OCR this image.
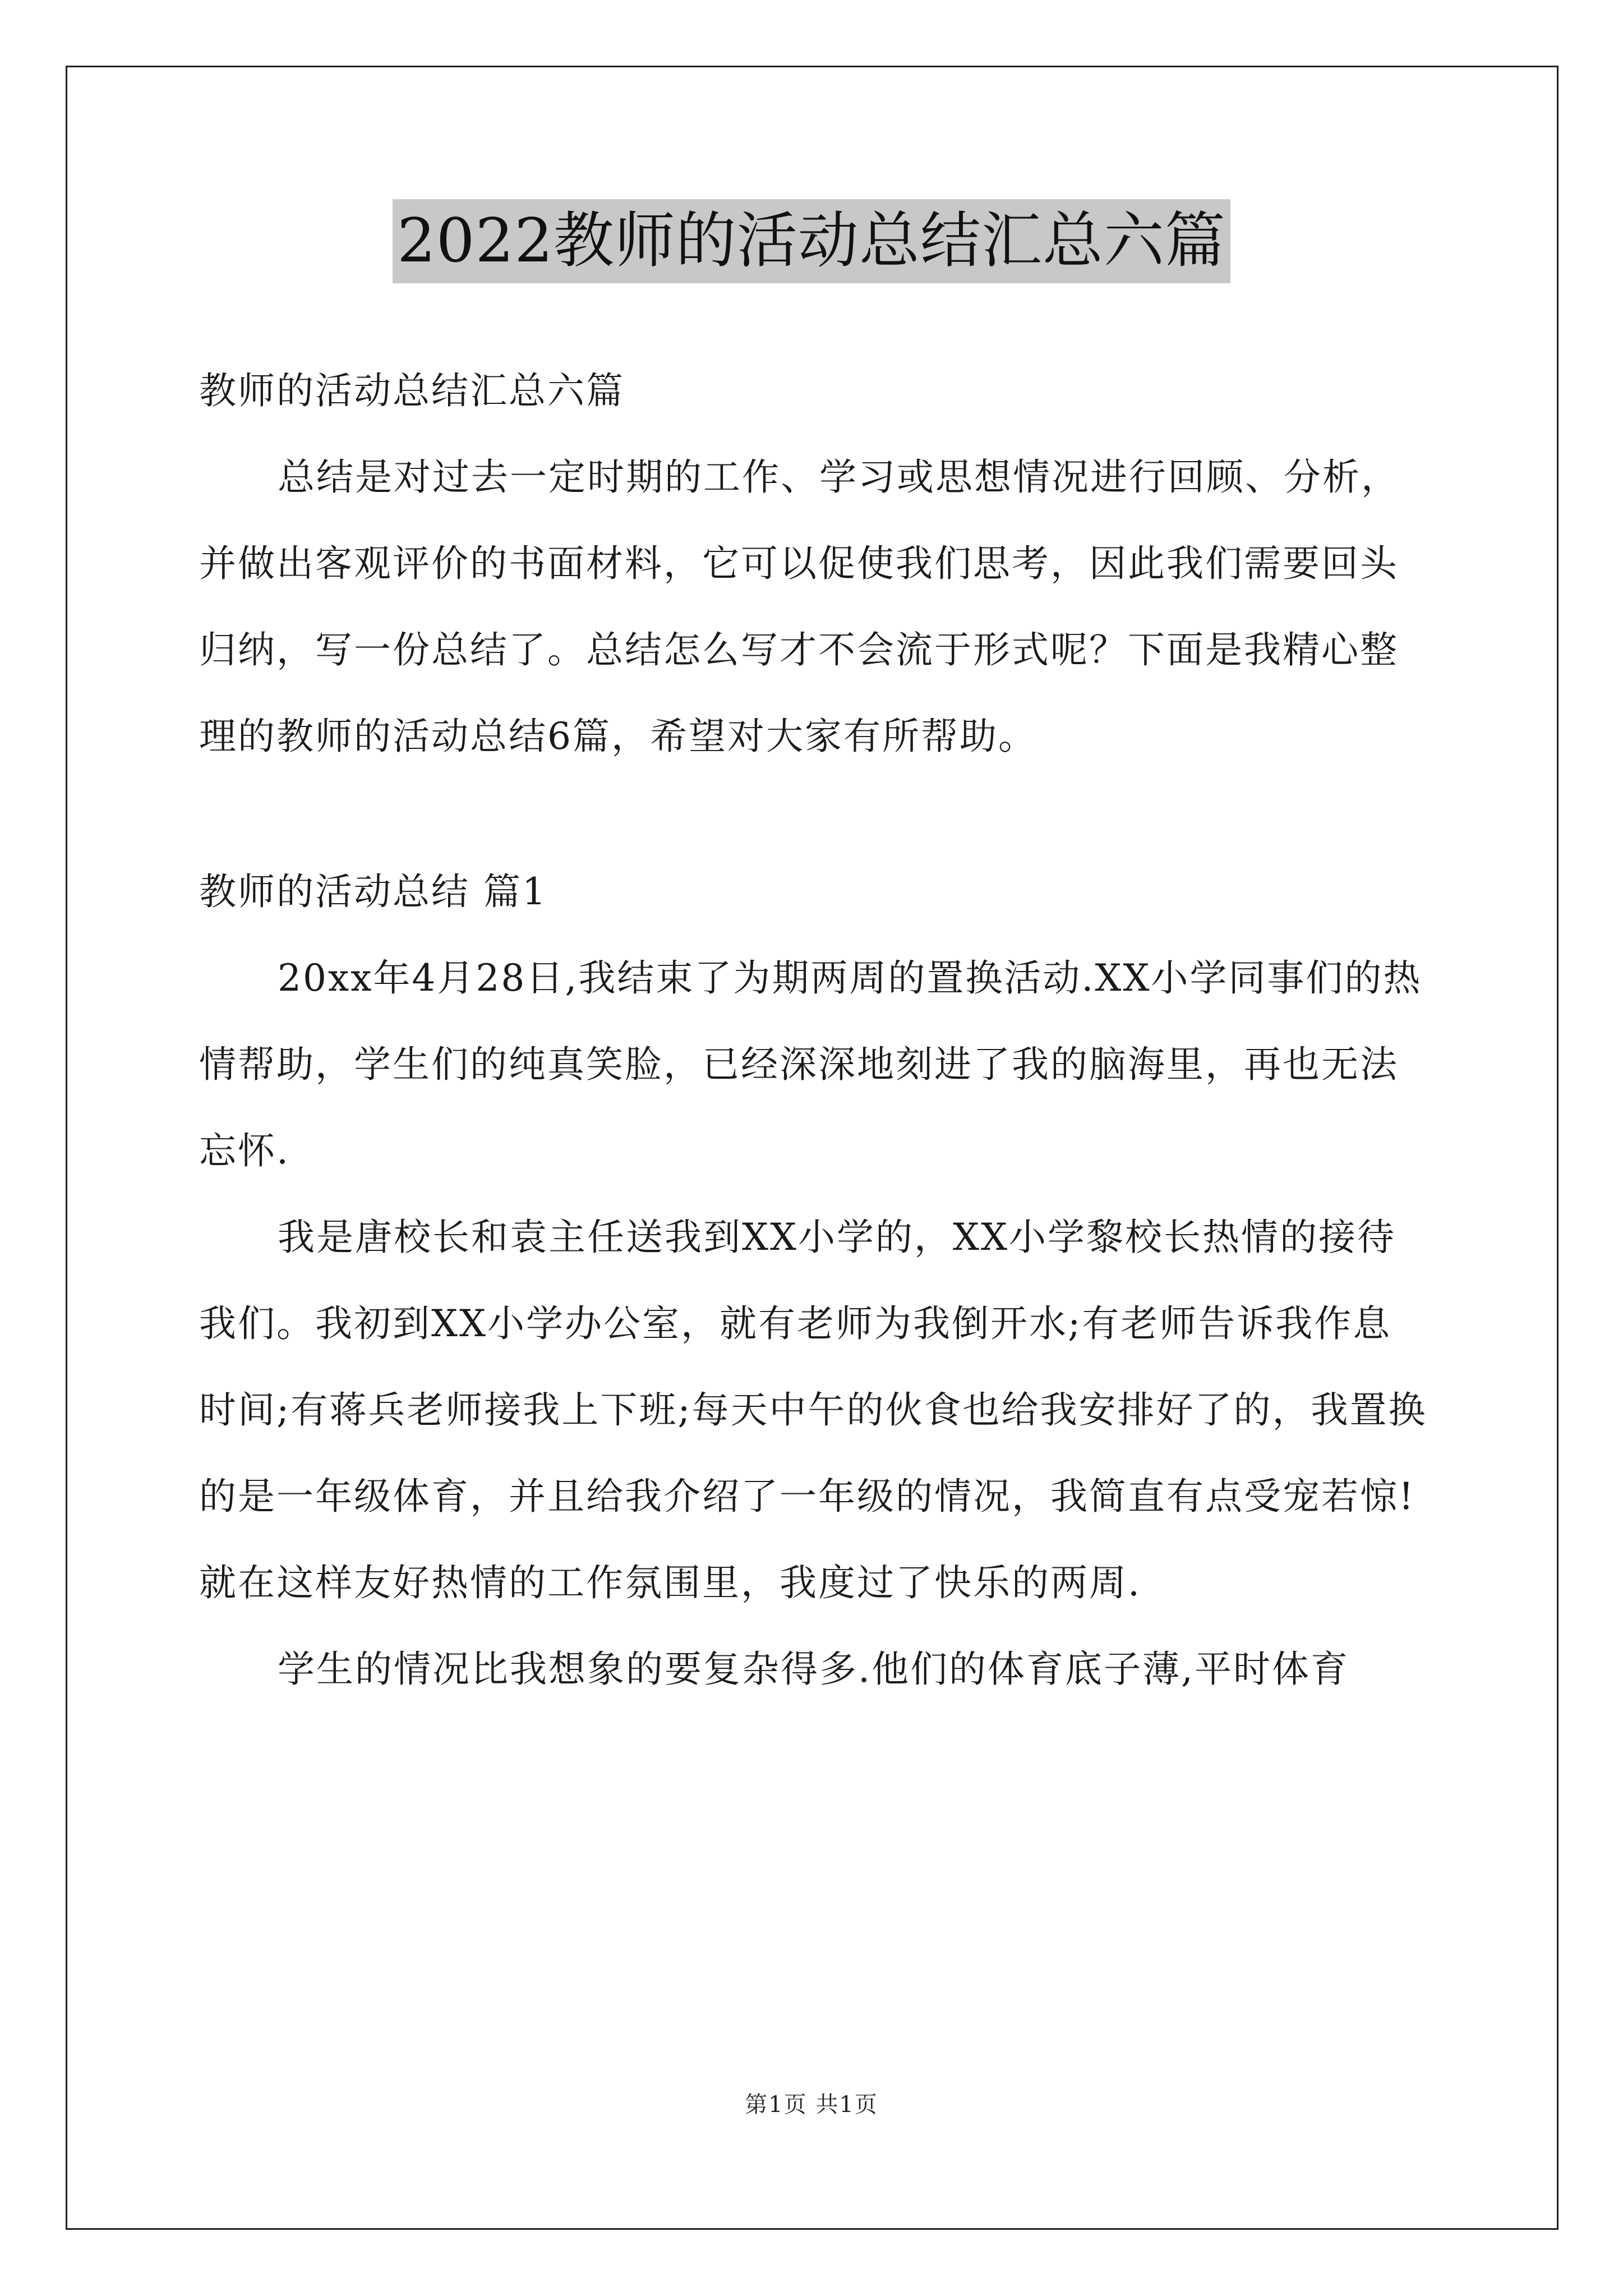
2022教师的活动总结汇总六篇

教师的活动总结汇总六篇

总结是对过去一定时期的工作、学习或思想情况进行回顾、分析，并做出客观评价的书面材料，它可以促使我们思考，因此我们需要回头归纳，写一份总结了。总结怎么写才不会流于形式呢？下面是我精心整理的教师的活动总结6篇，希望对大家有所帮助。

教师的活动总结 篇1

20xx年4月28日,我结束了为期两周的置换活动.XX小学同事们的热情帮助，学生们的纯真笑脸，已经深深地刻进了我的脑海里，再也无法忘怀.

我是唐校长和袁主任送我到XX小学的，XX小学黎校长热情的接待我们。我初到XX小学办公室，就有老师为我倒开水;有老师告诉我作息时间;有蒋兵老师接我上下班;每天中午的伙食也给我安排好了的，我置换的是一年级体育，并且给我介绍了一年级的情况，我简直有点受宠若惊!就在这样友好热情的工作氛围里，我度过了快乐的两周.

学生的情况比我想象的要复杂得多.他们的体育底子薄,平时体育

第1页 共1页
